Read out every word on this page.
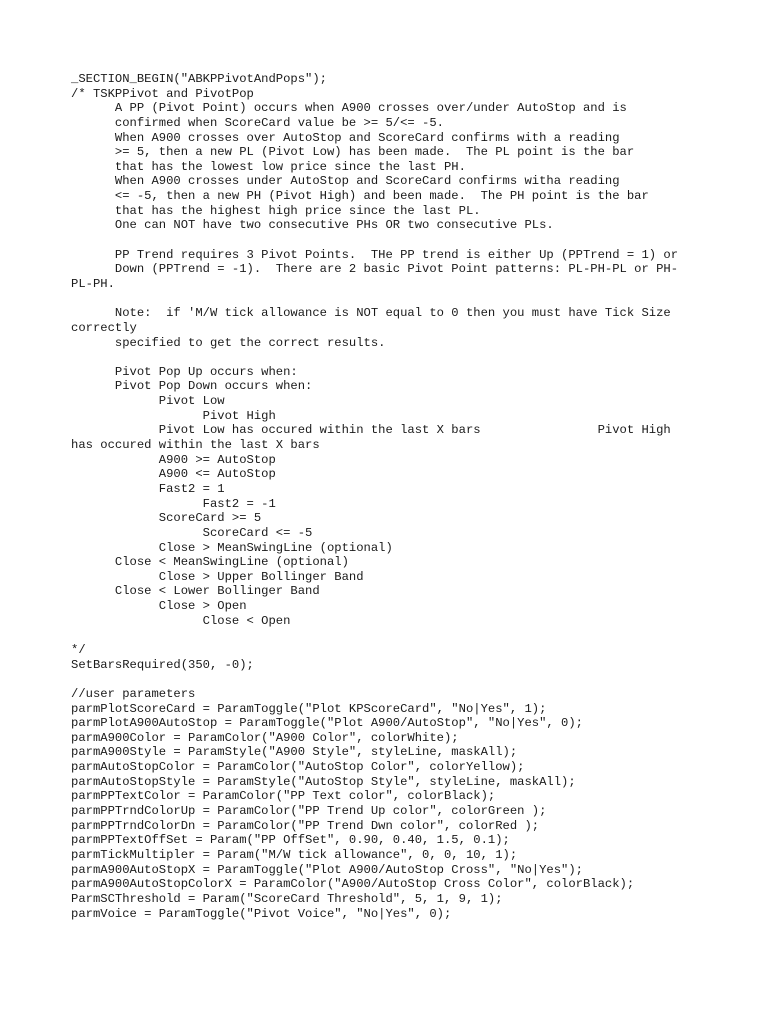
_SECTION_BEGIN("ABKPPivotAndPops");
/* TSKPPivot and PivotPop
A PP (Pivot Point) occurs when A900 crosses over/under AutoStop and is
confirmed when ScoreCard value be >= 5/<= -5.
When A900 crosses over AutoStop and ScoreCard confirms with a reading
>= 5, then a new PL (Pivot Low) has been made.  The PL point is the bar
that has the lowest low price since the last PH.
When A900 crosses under AutoStop and ScoreCard confirms witha reading
<= -5, then a new PH (Pivot High) and been made.  The PH point is the bar
that has the highest high price since the last PL.
One can NOT have two consecutive PHs OR two consecutive PLs.
PP Trend requires 3 Pivot Points.  THe PP trend is either Up (PPTrend = 1) or
Down (PPTrend = -1).  There are 2 basic Pivot Point patterns: PL-PH-PL or PH-
PL-PH.
Note:  if 'M/W tick allowance is NOT equal to 0 then you must have Tick Size
correctly
specified to get the correct results.
Pivot Pop Up occurs when:
Pivot Pop Down occurs when:
Pivot Low
Pivot High
Pivot Low has occured within the last X bars                Pivot High
has occured within the last X bars
A900 >= AutoStop
A900 <= AutoStop
Fast2 = 1
Fast2 = -1
ScoreCard >= 5
ScoreCard <= -5
Close > MeanSwingLine (optional)
Close < MeanSwingLine (optional)
Close > Upper Bollinger Band
Close < Lower Bollinger Band
Close > Open
Close < Open
*/
SetBarsRequired(350, -0);
//user parameters
parmPlotScoreCard = ParamToggle("Plot KPScoreCard", "No|Yes", 1);
parmPlotA900AutoStop = ParamToggle("Plot A900/AutoStop", "No|Yes", 0);
parmA900Color = ParamColor("A900 Color", colorWhite);
parmA900Style = ParamStyle("A900 Style", styleLine, maskAll);
parmAutoStopColor = ParamColor("AutoStop Color", colorYellow);
parmAutoStopStyle = ParamStyle("AutoStop Style", styleLine, maskAll);
parmPPTextColor = ParamColor("PP Text color", colorBlack);
parmPPTrndColorUp = ParamColor("PP Trend Up color", colorGreen );
parmPPTrndColorDn = ParamColor("PP Trend Dwn color", colorRed );
parmPPTextOffSet = Param("PP OffSet", 0.90, 0.40, 1.5, 0.1);
parmTickMultipler = Param("M/W tick allowance", 0, 0, 10, 1);
parmA900AutoStopX = ParamToggle("Plot A900/AutoStop Cross", "No|Yes");
parmA900AutoStopColorX = ParamColor("A900/AutoStop Cross Color", colorBlack);
ParmSCThreshold = Param("ScoreCard Threshold", 5, 1, 9, 1);
parmVoice = ParamToggle("Pivot Voice", "No|Yes", 0);
